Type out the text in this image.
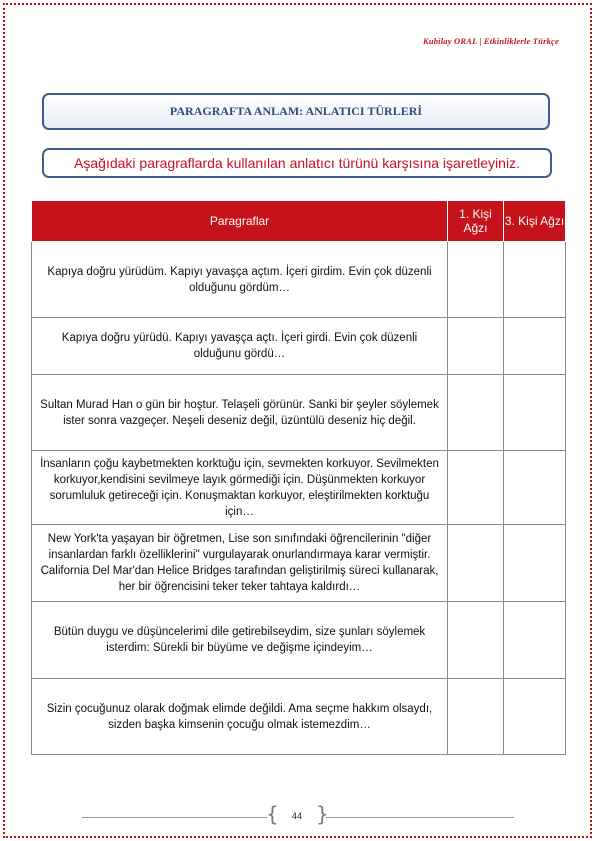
Kubilay ORAL | Etkinliklerle Türkçe
PARAGRAFTA ANLAM: ANLATICI TÜRLERİ
Aşağıdaki paragraflarda kullanılan anlatıcı türünü karşısına işaretleyiniz.
Paragraflar	1. Kişi Ağzı	3. Kişi Ağzı
Kapıya doğru yürüdüm. Kapıyı yavaşça açtım. İçeri girdim. Evin çok düzenli olduğunu gördüm…		
Kapıya doğru yürüdü. Kapıyı yavaşça açtı. İçeri girdi. Evin çok düzenli olduğunu gördü…		
Sultan Murad Han o gün bir hoştur. Telaşeli görünür. Sanki bir şeyler söylemek ister sonra vazgeçer. Neşeli deseniz değil, üzüntülü deseniz hiç değil.		
İnsanların çoğu kaybetmekten korktuğu için, sevmekten korkuyor. Sevilmekten korkuyor,kendisini sevilmeye layık görmediği için. Düşünmekten korkuyor sorumluluk getireceği için. Konuşmaktan korkuyor, eleştirilmekten korktuğu için…		
New York'ta yaşayan bir öğretmen, Lise son sınıfındaki öğrencilerinin "diğer insanlardan farklı özelliklerini" vurgulayarak onurlandırmaya karar vermiştir. California Del Mar'dan Helice Bridges tarafından geliştirilmiş süreci kullanarak, her bir öğrencisini teker teker tahtaya kaldırdı…		
Bütün duygu ve düşüncelerimi dile getirebilseydim, size şunları söylemek isterdim: Sürekli bir büyüme ve değişme içindeyim…		
Sizin çocuğunuz olarak doğmak elimde değildi. Ama seçme hakkım olsaydı, sizden başka kimsenin çocuğu olmak istemezdim…		
{ }
44
